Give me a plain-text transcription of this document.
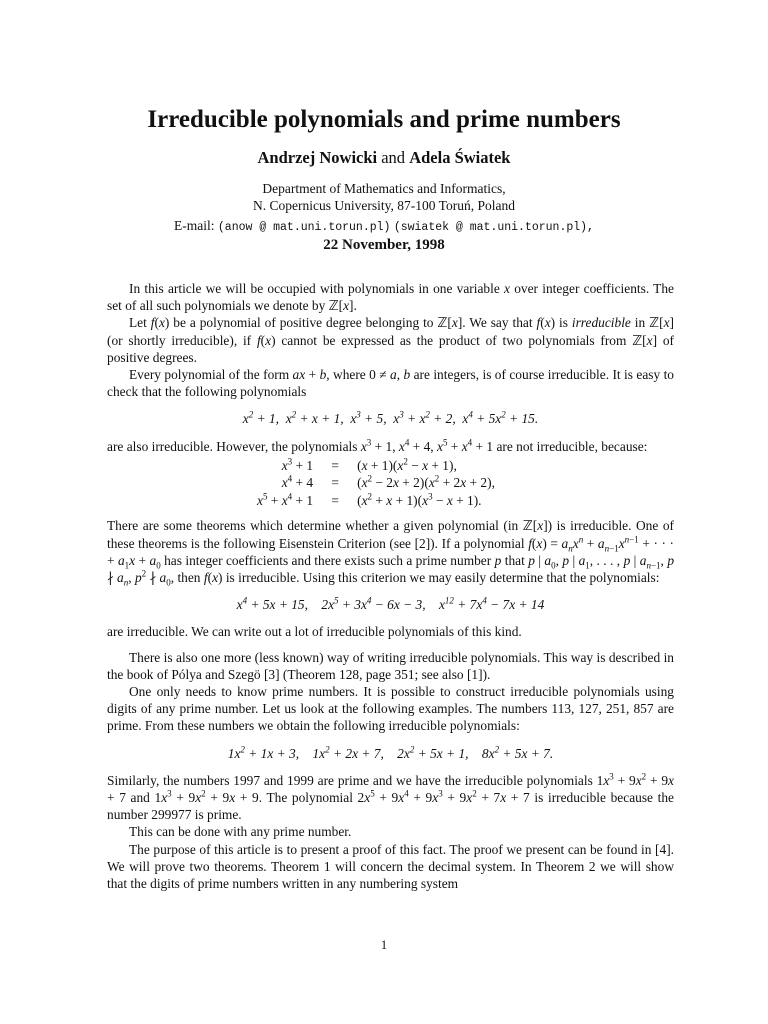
Irreducible polynomials and prime numbers
Andrzej Nowicki and Adela Światek
Department of Mathematics and Informatics,
N. Copernicus University, 87-100 Toruń, Poland
E-mail: (anow @ mat.uni.torun.pl) (swiatek @ mat.uni.torun.pl),
22 November, 1998

In this article we will be occupied with polynomials in one variable x over integer coefficients. The set of all such polynomials we denote by ℤ[x].

Let f(x) be a polynomial of positive degree belonging to ℤ[x]. We say that f(x) is irreducible in ℤ[x] (or shortly irreducible), if f(x) cannot be expressed as the product of two polynomials from ℤ[x] of positive degrees.

Every polynomial of the form ax + b, where 0 ≠ a, b are integers, is of course irreducible. It is easy to check that the following polynomials

$x^2 + 1$,  $x^2 + x + 1$,  $x^3 + 5$,  $x^3 + x^2 + 2$,  $x^4 + 5x^2 + 15$.

are also irreducible. However, the polynomials $x^3 + 1$, $x^4 + 4$, $x^5 + x^4 + 1$ are not irreducible, because:

$x^3 + 1$	=	$(x + 1)(x^2 - x + 1)$,
$x^4 + 4$	=	$(x^2 - 2x + 2)(x^2 + 2x + 2)$,
$x^5 + x^4 + 1$	=	$(x^2 + x + 1)(x^3 - x + 1)$.

There are some theorems which determine whether a given polynomial (in ℤ[x]) is irreducible. One of these theorems is the following Eisenstein Criterion (see [2]). If a polynomial $f(x) = a_nx^n + a_{n-1}x^{n-1}$ + · · · + $a_1x + a_0$ has integer coefficients and there exists such a prime number p that p | $a_0$, p | $a_1$, . . . , p | $a_{n-1}$, p ∤ $a_n$, $p^2$ ∤ $a_0$, then f(x) is irreducible. Using this criterion we may easily determine that the polynomials:

$x^4 + 5x + 15$,    $2x^5 + 3x^4 - 6x - 3$,    $x^{12} + 7x^4 - 7x + 14$

are irreducible. We can write out a lot of irreducible polynomials of this kind.

There is also one more (less known) way of writing irreducible polynomials. This way is described in the book of Pólya and Szegö [3] (Theorem 128, page 351; see also [1]).

One only needs to know prime numbers. It is possible to construct irreducible polynomials using digits of any prime number. Let us look at the following examples. The numbers 113, 127, 251, 857 are prime. From these numbers we obtain the following irreducible polynomials:

$1x^2 + 1x + 3$,    $1x^2 + 2x + 7$,    $2x^2 + 5x + 1$,    $8x^2 + 5x + 7$.

Similarly, the numbers 1997 and 1999 are prime and we have the irreducible polynomials $1x^3 + 9x^2 + 9x + 7$ and $1x^3 + 9x^2 + 9x + 9$. The polynomial $2x^5 + 9x^4 + 9x^3 + 9x^2 + 7x + 7$ is irreducible because the number 299977 is prime.

This can be done with any prime number.

The purpose of this article is to present a proof of this fact. The proof we present can be found in [4]. We will prove two theorems. Theorem 1 will concern the decimal system. In Theorem 2 we will show that the digits of prime numbers written in any numbering system

1
